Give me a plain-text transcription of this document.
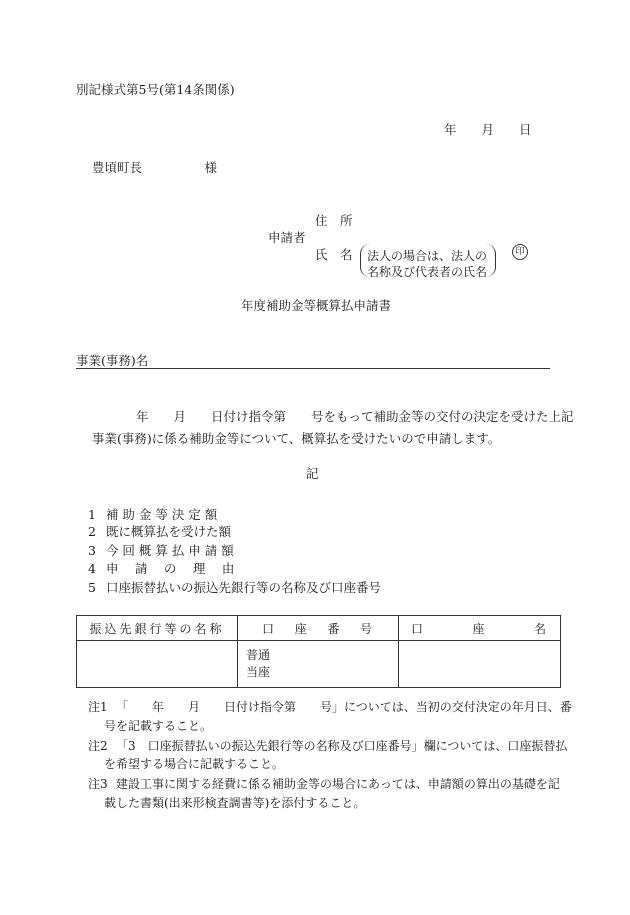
別記様式第5号(第14条関係)
年　　月　　日
豊頃町長　　　　　様
住　所
申請者
氏　名 法人の場合は、法人の
名称及び代表者の氏名
印
年度補助金等概算払申請書
事業(事務)名
年　　月　　日付け指令第　　号をもって補助金等の交付の決定を受けた上記
事業(事務)に係る補助金等について、概算払を受けたいので申請します。
記
1 補 助 金 等 決 定 額
2 既に概算払を受けた額
3 今 回 概 算 払 申 請 額
4 申　 請　 の　 理　 由
5 口座振替払いの振込先銀行等の名称及び口座番号
振込先銀行等の名称	口 座 番 号	口 座 名

	普通
当座	

注1 「　　年　　月　　日付け指令第　　号」については、当初の交付決定の年月日、番
号を記載すること。
注2 「3　口座振替払いの振込先銀行等の名称及び口座番号」欄については、口座振替払
を希望する場合に記載すること。
注3 建設工事に関する経費に係る補助金等の場合にあっては、申請額の算出の基礎を記
載した書類(出来形検査調書等)を添付すること。
